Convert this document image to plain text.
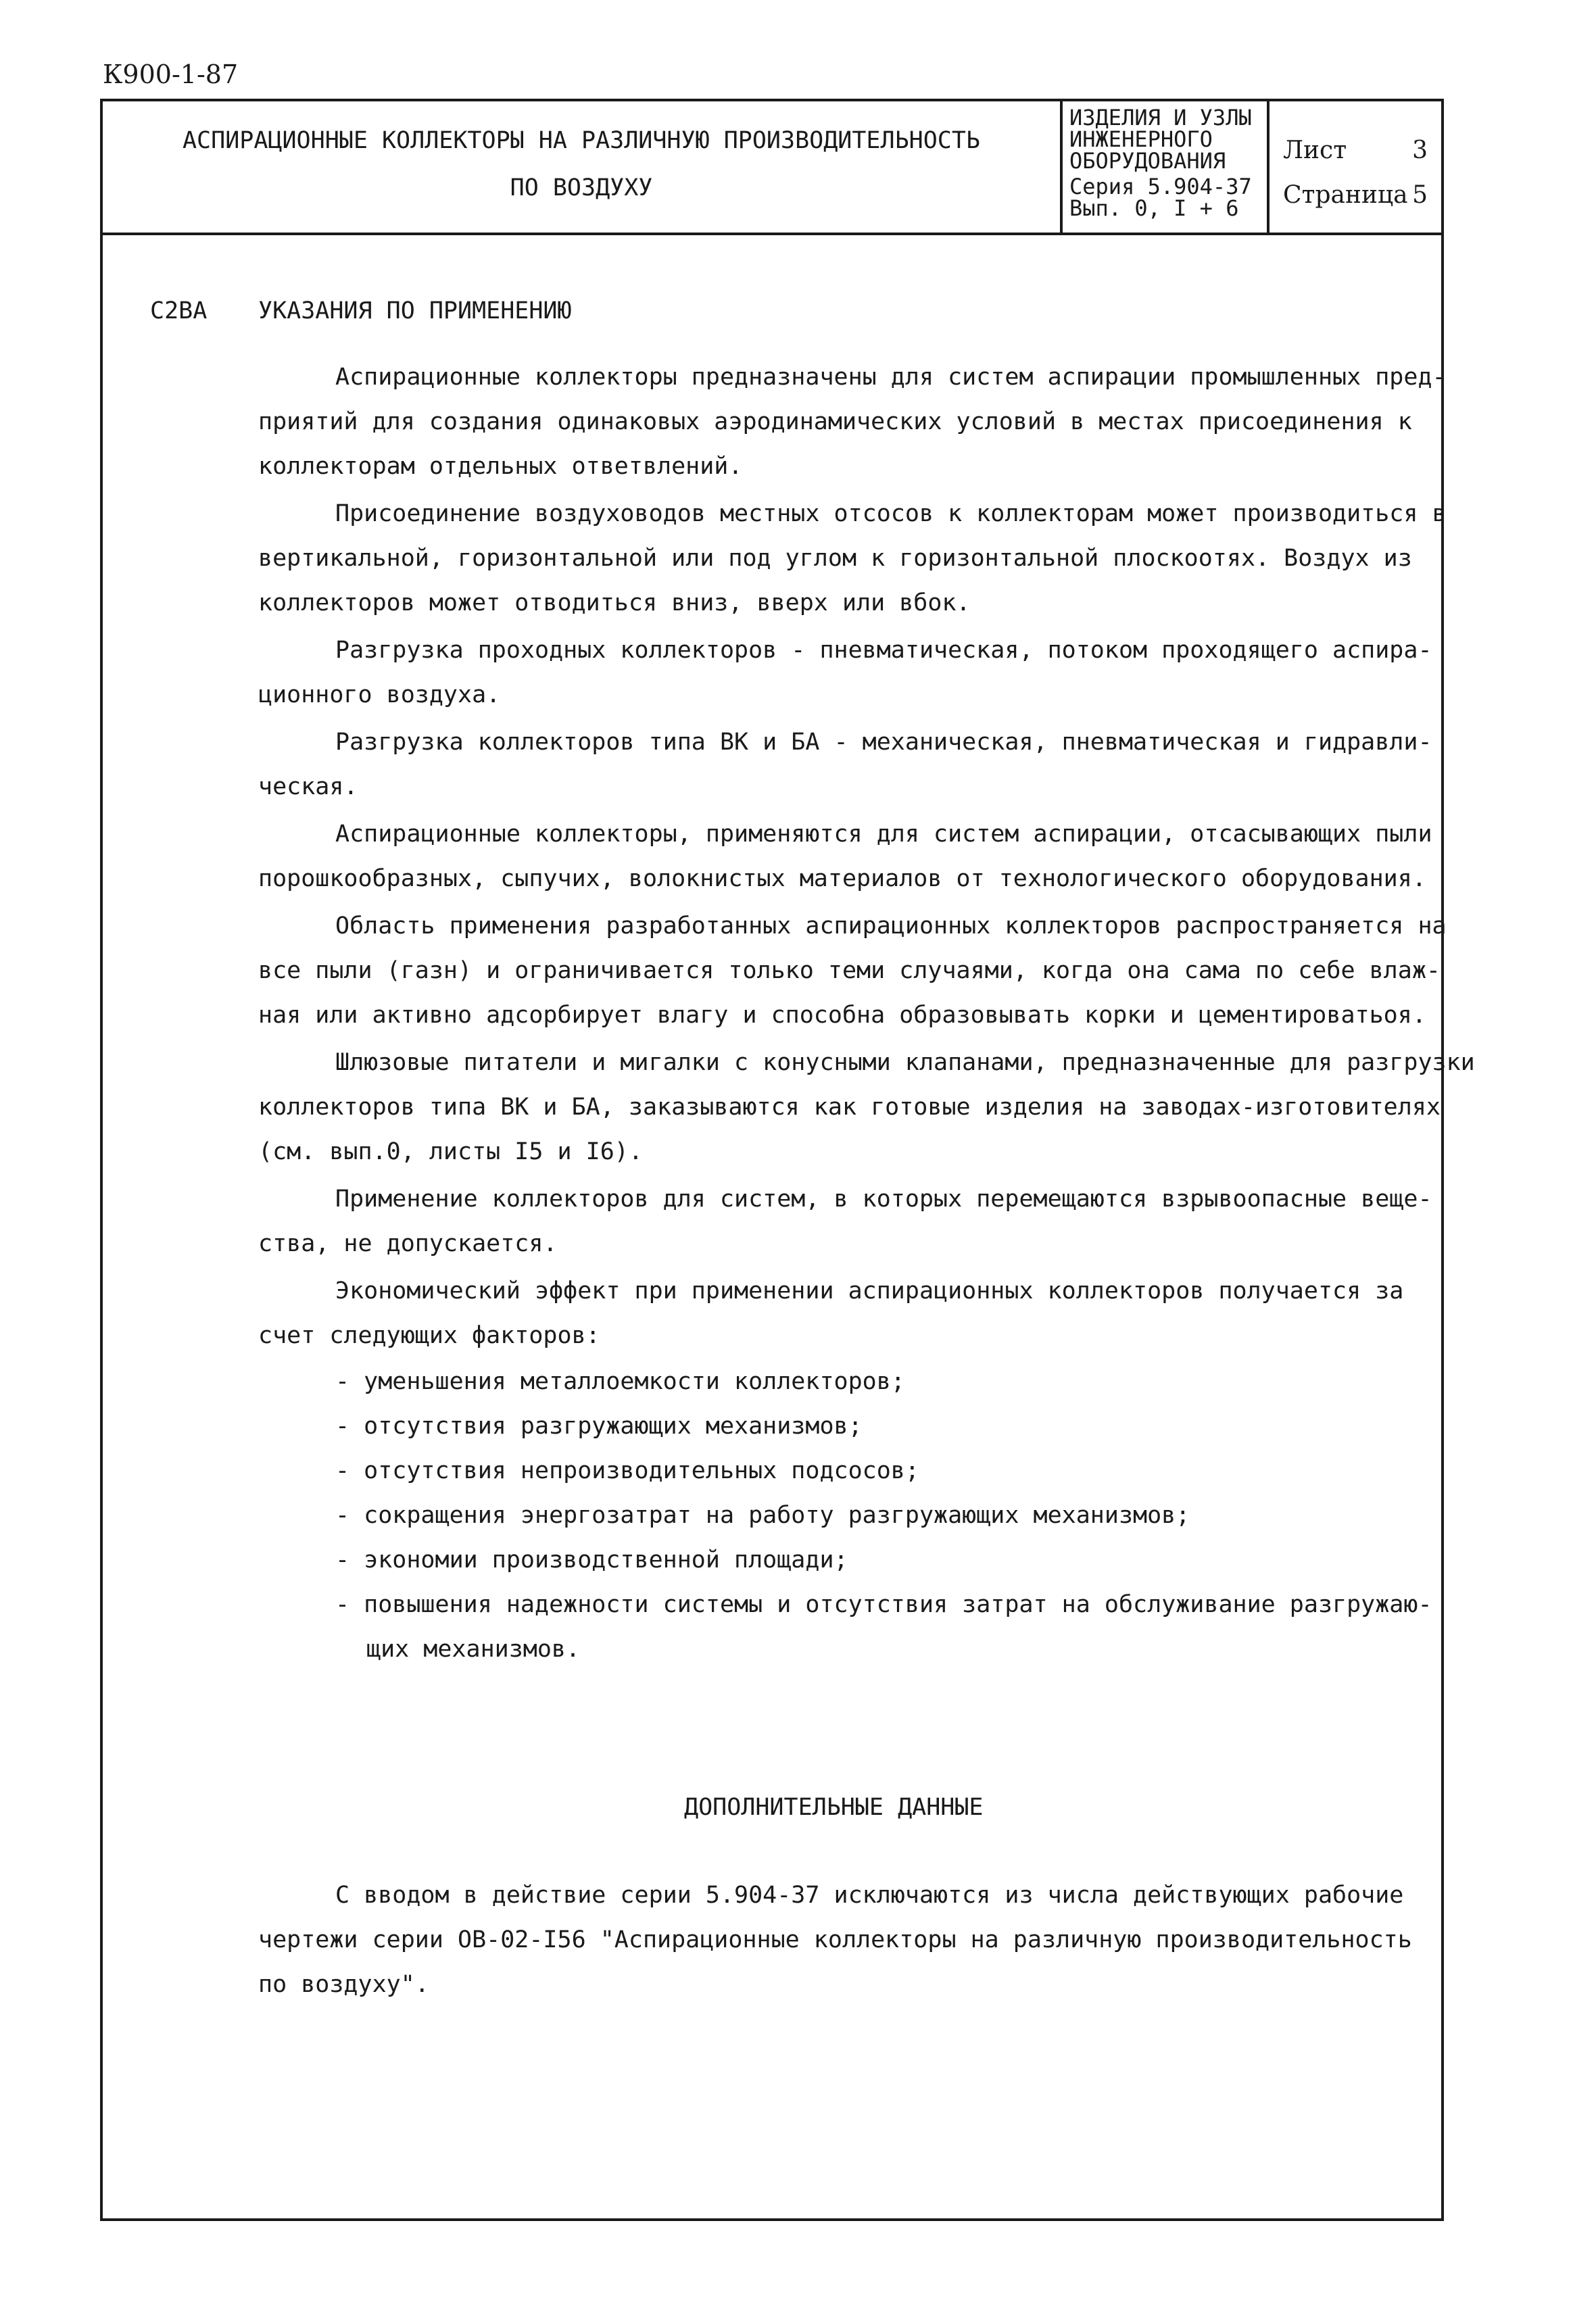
К900-1-87
АСПИРАЦИОННЫЕ КОЛЛЕКТОРЫ НА РАЗЛИЧНУЮ ПРОИЗВОДИТЕЛЬНОСТЬ
ПО ВОЗДУХУ
ИЗДЕЛИЯ И УЗЛЫ
ИНЖЕНЕРНОГО
ОБОРУДОВАНИЯ
Серия 5.904-37
Вып. 0, I + 6
Лист	3
Страница 5
С2ВА УКАЗАНИЯ ПО ПРИМЕНЕНИЮ
Аспирационные коллекторы предназначены для систем аспирации промышленных пред-
приятий для создания одинаковых аэродинамических условий в местах присоединения к
коллекторам отдельных ответвлений.
Присоединение воздуховодов местных отсосов к коллекторам может производиться в
вертикальной, горизонтальной или под углом к горизонтальной плоскоотях. Воздух из
коллекторов может отводиться вниз, вверх или вбок.
Разгрузка проходных коллекторов - пневматическая, потоком проходящего аспира-
ционного воздуха.
Разгрузка коллекторов типа ВК и БА - механическая, пневматическая и гидравли-
ческая.
Аспирационные коллекторы, применяются для систем аспирации, отсасывающих пыли
порошкообразных, сыпучих, волокнистых материалов от технологического оборудования.
Область применения разработанных аспирационных коллекторов распространяется на
все пыли (газн) и ограничивается только теми случаями, когда она сама по себе влаж-
ная или активно адсорбирует влагу и способна образовывать корки и цементироватьоя.
Шлюзовые питатели и мигалки с конусными клапанами, предназначенные для разгрузки
коллекторов типа ВК и БА, заказываются как готовые изделия на заводах-изготовителях
(см. вып.0, листы I5 и I6).
Применение коллекторов для систем, в которых перемещаются взрывоопасные веще-
ства, не допускается.
Экономический эффект при применении аспирационных коллекторов получается за
счет следующих факторов:
- уменьшения металлоемкости коллекторов;
- отсутствия разгружающих механизмов;
- отсутствия непроизводительных подсосов;
- сокращения энергозатрат на работу разгружающих механизмов;
- экономии производственной площади;
- повышения надежности системы и отсутствия затрат на обслуживание разгружаю-
щих механизмов.
ДОПОЛНИТЕЛЬНЫЕ ДАННЫЕ
С вводом в действие серии 5.904-37 исключаются из числа действующих рабочие
чертежи серии ОВ-02-I56 "Аспирационные коллекторы на различную производительность
по воздуху".
